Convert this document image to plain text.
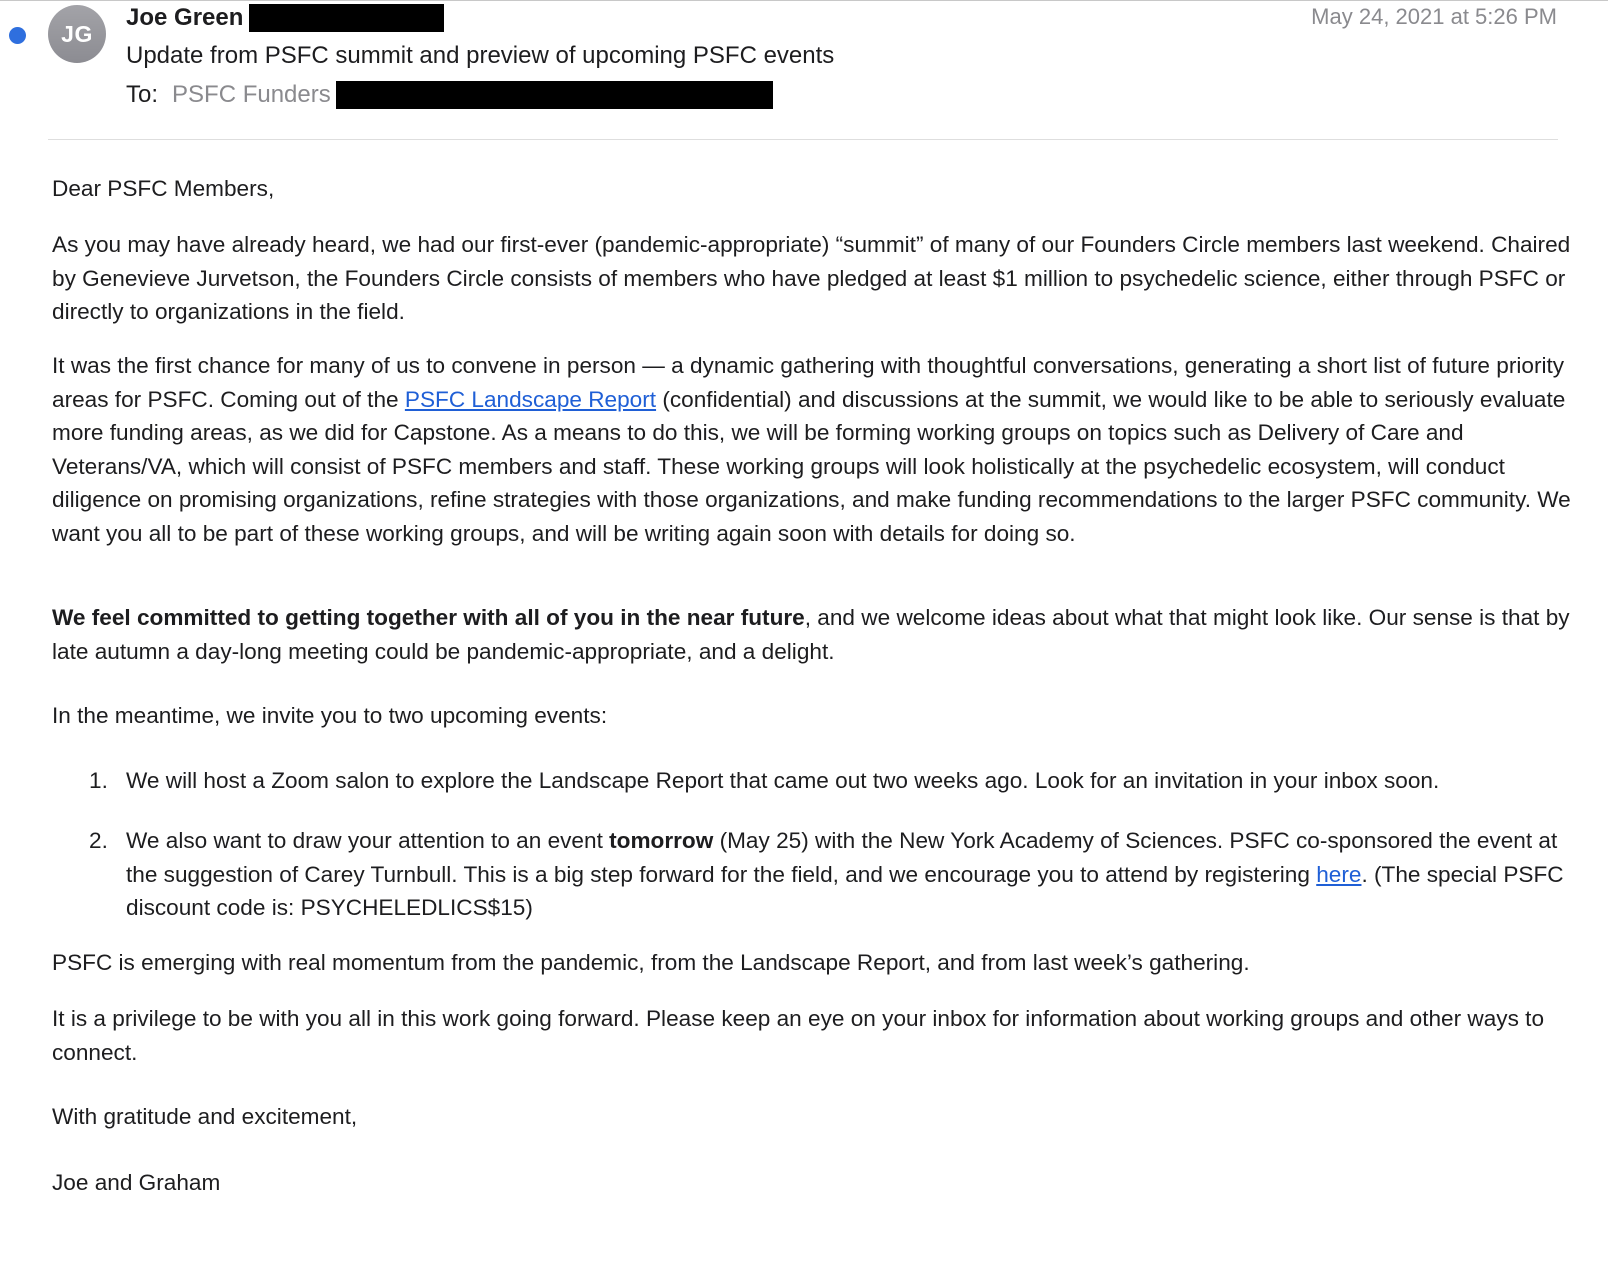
JG
Joe Green	May 24, 2021 at 5:26 PM
Update from PSFC summit and preview of upcoming PSFC events
To: PSFC Funders

Dear PSFC Members,

As you may have already heard, we had our first-ever (pandemic-appropriate) “summit” of many of our Founders Circle members last weekend. Chaired by Genevieve Jurvetson, the Founders Circle consists of members who have pledged at least $1 million to psychedelic science, either through PSFC or directly to organizations in the field.

It was the first chance for many of us to convene in person — a dynamic gathering with thoughtful conversations, generating a short list of future priority areas for PSFC. Coming out of the PSFC Landscape Report (confidential) and discussions at the summit, we would like to be able to seriously evaluate more funding areas, as we did for Capstone. As a means to do this, we will be forming working groups on topics such as Delivery of Care and Veterans/VA, which will consist of PSFC members and staff. These working groups will look holistically at the psychedelic ecosystem, will conduct diligence on promising organizations, refine strategies with those organizations, and make funding recommendations to the larger PSFC community. We want you all to be part of these working groups, and will be writing again soon with details for doing so.

We feel committed to getting together with all of you in the near future, and we welcome ideas about what that might look like. Our sense is that by late autumn a day-long meeting could be pandemic-appropriate, and a delight.

In the meantime, we invite you to two upcoming events:

1. We will host a Zoom salon to explore the Landscape Report that came out two weeks ago. Look for an invitation in your inbox soon.
2. We also want to draw your attention to an event tomorrow (May 25) with the New York Academy of Sciences. PSFC co-sponsored the event at the suggestion of Carey Turnbull. This is a big step forward for the field, and we encourage you to attend by registering here. (The special PSFC discount code is: PSYCHELEDLICS$15)

PSFC is emerging with real momentum from the pandemic, from the Landscape Report, and from last week’s gathering.

It is a privilege to be with you all in this work going forward. Please keep an eye on your inbox for information about working groups and other ways to connect.

With gratitude and excitement,

Joe and Graham
